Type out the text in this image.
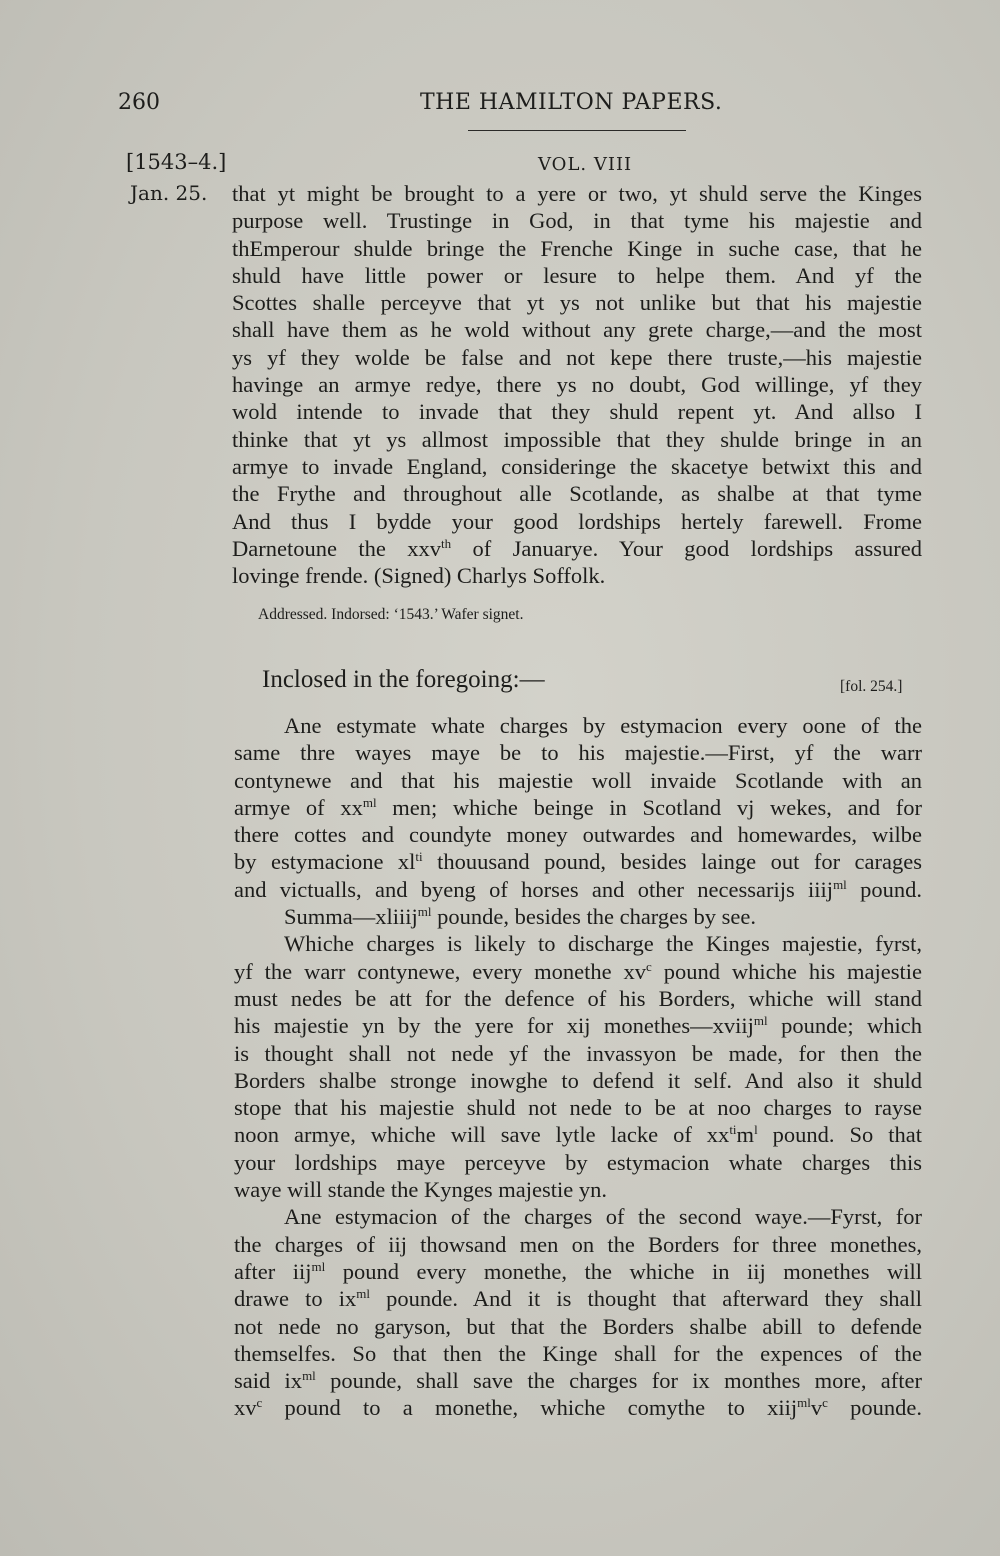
260	THE HAMILTON PAPERS.
[1543–4.]	VOL. VIII
Jan. 25. that yt might be brought to a yere or two, yt shuld serve the Kinges
purpose well. Trustinge in God, in that tyme his majestie and
thEmperour shulde bringe the Frenche Kinge in suche case, that he
shuld have little power or lesure to helpe them. And yf the
Scottes shalle perceyve that yt ys not unlike but that his majestie
shall have them as he wold without any grete charge,—and the most
ys yf they wolde be false and not kepe there truste,—his majestie
havinge an armye redye, there ys no doubt, God willinge, yf they
wold intende to invade that they shuld repent yt. And allso I
thinke that yt ys allmost impossible that they shulde bringe in an
armye to invade England, consideringe the skacetye betwixt this and
the Frythe and throughout alle Scotlande, as shalbe at that tyme
And thus I bydde your good lordships hertely farewell. Frome
Darnetoune the xxv$^{th}$ of Januarye. Your good lordships assured
lovinge frende. (Signed) Charlys Soffolk.
Addressed. Indorsed: ‘1543.’ Wafer signet.
Inclosed in the foregoing:—	[fol. 254.]
Ane estymate whate charges by estymacion every oone of the
same thre wayes maye be to his majestie.—First, yf the warr
contynewe and that his majestie woll invaide Scotlande with an
armye of $xx^{ml}$ men; whiche beinge in Scotland vj wekes, and for
there cottes and coundyte money outwardes and homewardes, wilbe
by estymacione $xl^{ti}$ thouusand pound, besides lainge out for carages
and victualls, and byeng of horses and other necessarijs iiij$^{ml}$ pound.
Summa—xliiij$^{ml}$ pounde, besides the charges by see.
Whiche charges is likely to discharge the Kinges majestie, fyrst,
yf the warr contynewe, every monethe $xv^c$ pound whiche his majestie
must nedes be att for the defence of his Borders, whiche will stand
his majestie yn by the yere for xij monethes—xviij$^{ml}$ pounde; which
is thought shall not nede yf the invassyon be made, for then the
Borders shalbe stronge inowghe to defend it self. And also it shuld
stope that his majestie shuld not nede to be at noo charges to rayse
noon armye, whiche will save lytle lacke of $xx^{ti}m^l$ pound. So that
your lordships maye perceyve by estymacion whate charges this
waye will stande the Kynges majestie yn.
Ane estymacion of the charges of the second waye.—Fyrst, for
the charges of iij thowsand men on the Borders for three monethes,
after iij$^{ml}$ pound every monethe, the whiche in iij monethes will
drawe to $ix^{ml}$ pounde. And it is thought that afterward they shall
not nede no garyson, but that the Borders shalbe abill to defende
themselfes. So that then the Kinge shall for the expences of the
said $ix^{ml}$ pounde, shall save the charges for ix monthes more, after
$xv^c$ pound to a monethe, whiche comythe to $xiij^{ml}v^c$ pounde.
